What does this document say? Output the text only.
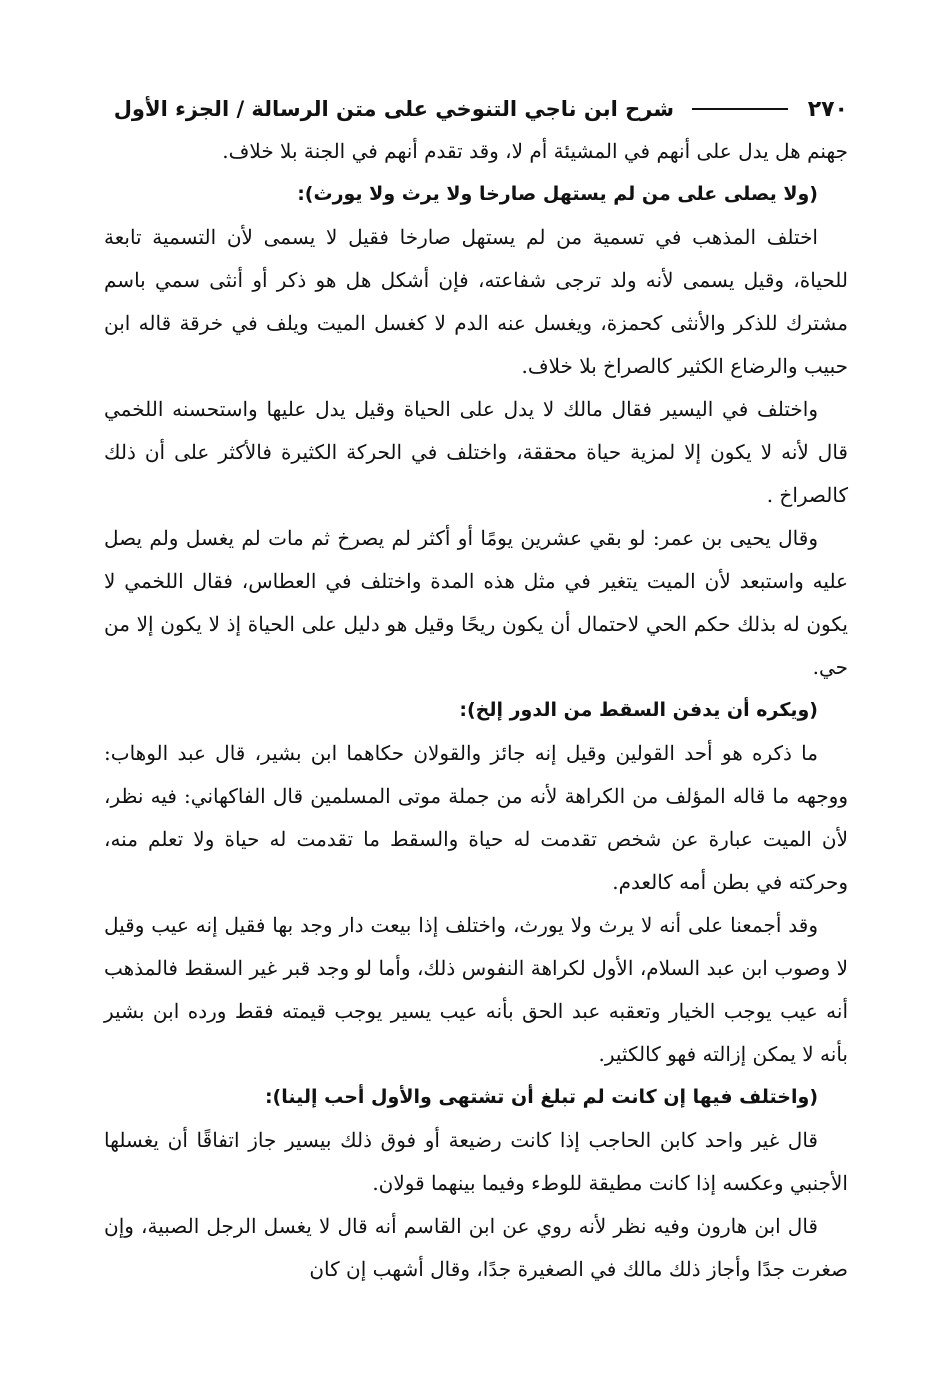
٢٧٠
شرح ابن ناجي التنوخي على متن الرسالة / الجزء الأول

جهنم هل يدل على أنهم في المشيئة أم لا، وقد تقدم أنهم في الجنة بلا خلاف.

(ولا يصلى على من لم يستهل صارخا ولا يرث ولا يورث):

اختلف المذهب في تسمية من لم يستهل صارخا فقيل لا يسمى لأن التسمية تابعة للحياة، وقيل يسمى لأنه ولد ترجى شفاعته، فإن أشكل هل هو ذكر أو أنثى سمي باسم مشترك للذكر والأنثى كحمزة، ويغسل عنه الدم لا كغسل الميت ويلف في خرقة قاله ابن حبيب والرضاع الكثير كالصراخ بلا خلاف.

واختلف في اليسير فقال مالك لا يدل على الحياة وقيل يدل عليها واستحسنه اللخمي قال لأنه لا يكون إلا لمزية حياة محققة، واختلف في الحركة الكثيرة فالأكثر على أن ذلك كالصراخ .

وقال يحيى بن عمر: لو بقي عشرين يومًا أو أكثر لم يصرخ ثم مات لم يغسل ولم يصل عليه واستبعد لأن الميت يتغير في مثل هذه المدة واختلف في العطاس، فقال اللخمي لا يكون له بذلك حكم الحي لاحتمال أن يكون ريحًا وقيل هو دليل على الحياة إذ لا يكون إلا من حي.

(ويكره أن يدفن السقط من الدور إلخ):

ما ذكره هو أحد القولين وقيل إنه جائز والقولان حكاهما ابن بشير، قال عبد الوهاب: ووجهه ما قاله المؤلف من الكراهة لأنه من جملة موتى المسلمين قال الفاكهاني: فيه نظر، لأن الميت عبارة عن شخص تقدمت له حياة والسقط ما تقدمت له حياة ولا تعلم منه، وحركته في بطن أمه كالعدم.

وقد أجمعنا على أنه لا يرث ولا يورث، واختلف إذا بيعت دار وجد بها فقيل إنه عيب وقيل لا وصوب ابن عبد السلام، الأول لكراهة النفوس ذلك، وأما لو وجد قبر غير السقط فالمذهب أنه عيب يوجب الخيار وتعقبه عبد الحق بأنه عيب يسير يوجب قيمته فقط ورده ابن بشير بأنه لا يمكن إزالته فهو كالكثير.

(واختلف فيها إن كانت لم تبلغ أن تشتهى والأول أحب إلينا):

قال غير واحد كابن الحاجب إذا كانت رضيعة أو فوق ذلك بيسير جاز اتفاقًا أن يغسلها الأجنبي وعكسه إذا كانت مطيقة للوطء وفيما بينهما قولان.

قال ابن هارون وفيه نظر لأنه روي عن ابن القاسم أنه قال لا يغسل الرجل الصبية، وإن صغرت جدًا وأجاز ذلك مالك في الصغيرة جدًا، وقال أشهب إن كان
